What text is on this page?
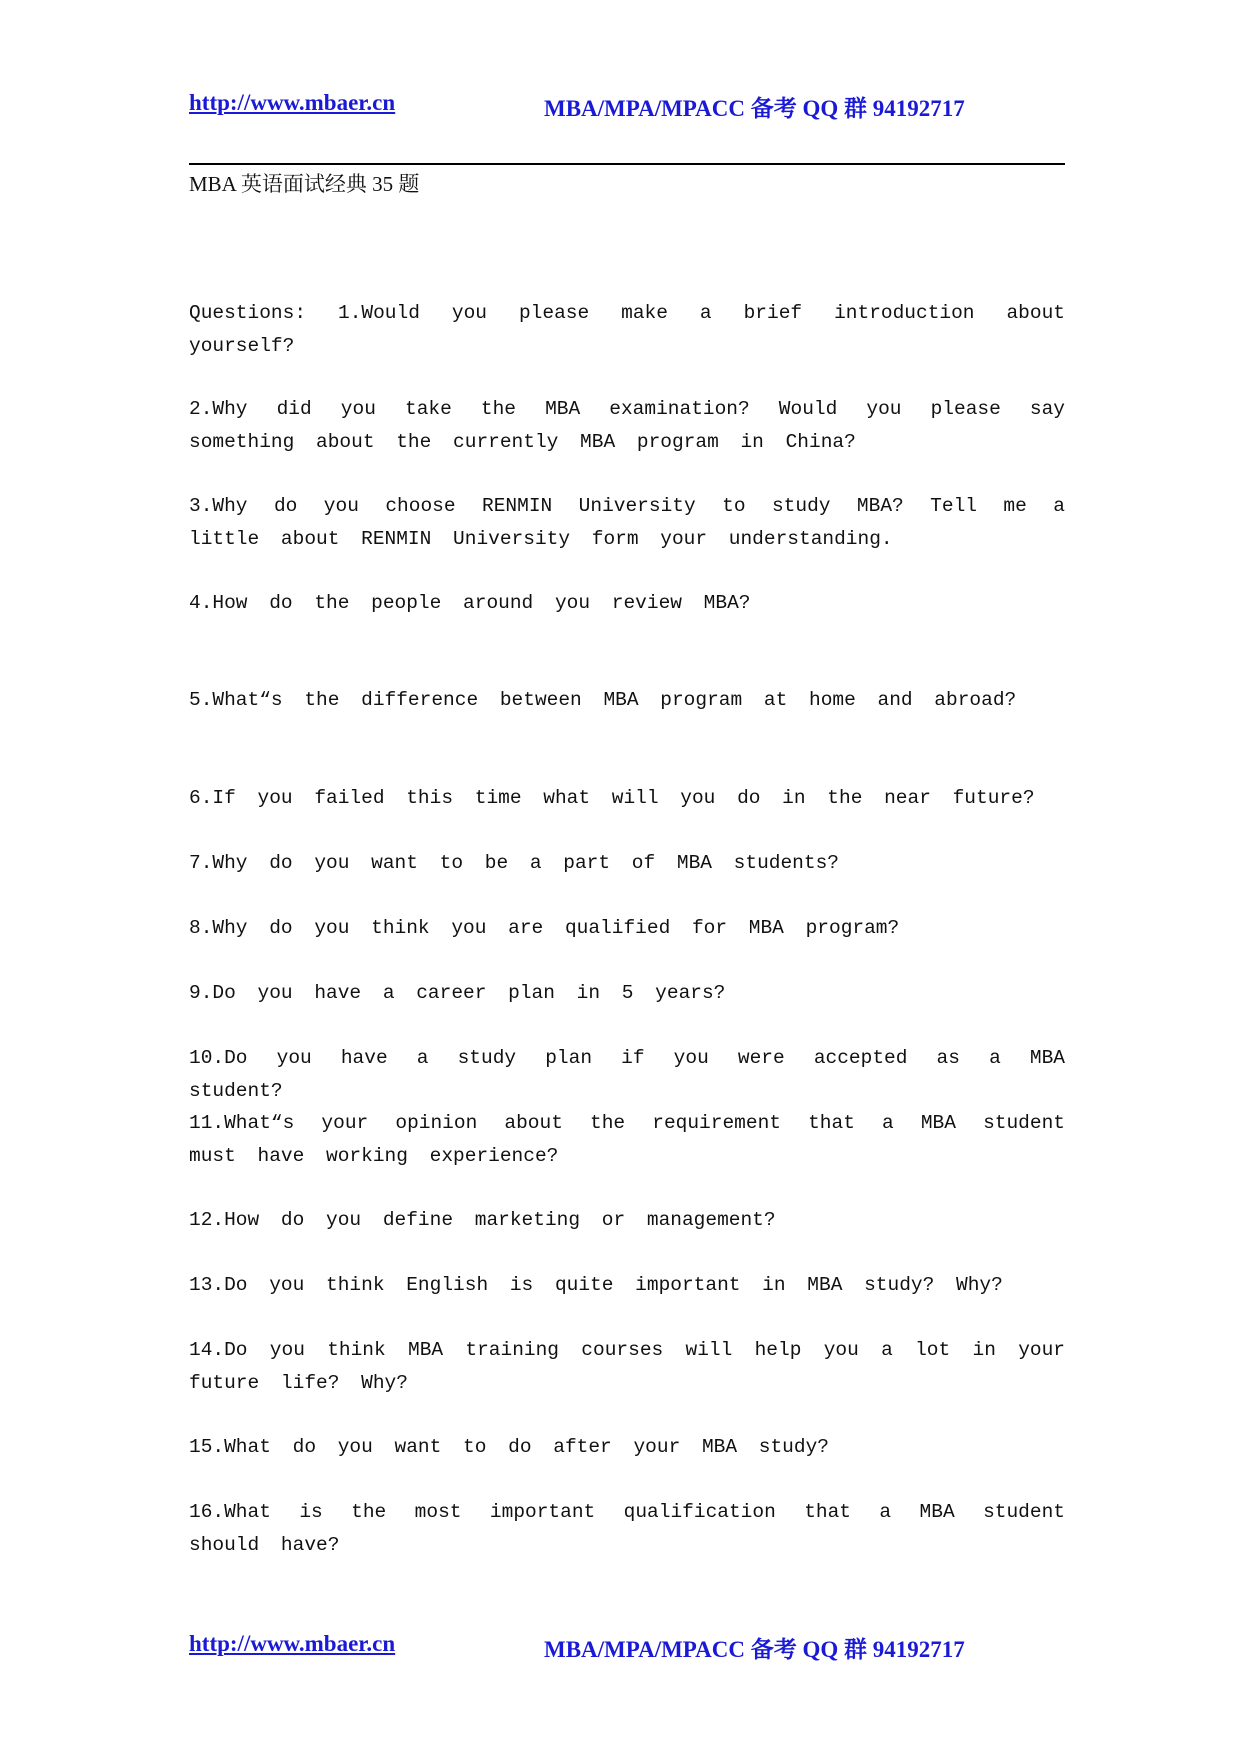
http://www.mbaer.cn	MBA/MPA/MPACC 备考 QQ 群 94192717
MBA 英语面试经典 35 题

Questions: 1.Would you please make a brief introduction about yourself?

2.Why did you take the MBA examination? Would you please say something about the currently MBA program in China?

3.Why do you choose RENMIN University to study MBA? Tell me a little about RENMIN University form your understanding.

4.How do the people around you review MBA?

5.What“s the difference between MBA program at home and abroad?

6.If you failed this time what will you do in the near future?

7.Why do you want to be a part of MBA students?

8.Why do you think you are qualified for MBA program?

9.Do you have a career plan in 5 years?

10.Do you have a study plan if you were accepted as a MBA student?

11.What“s your opinion about the requirement that a MBA student must have working experience?

12.How do you define marketing or management?

13.Do you think English is quite important in MBA study? Why?

14.Do you think MBA training courses will help you a lot in your future life? Why?

15.What do you want to do after your MBA study?

16.What is the most important qualification that a MBA student should have?

http://www.mbaer.cn	MBA/MPA/MPACC 备考 QQ 群 94192717
